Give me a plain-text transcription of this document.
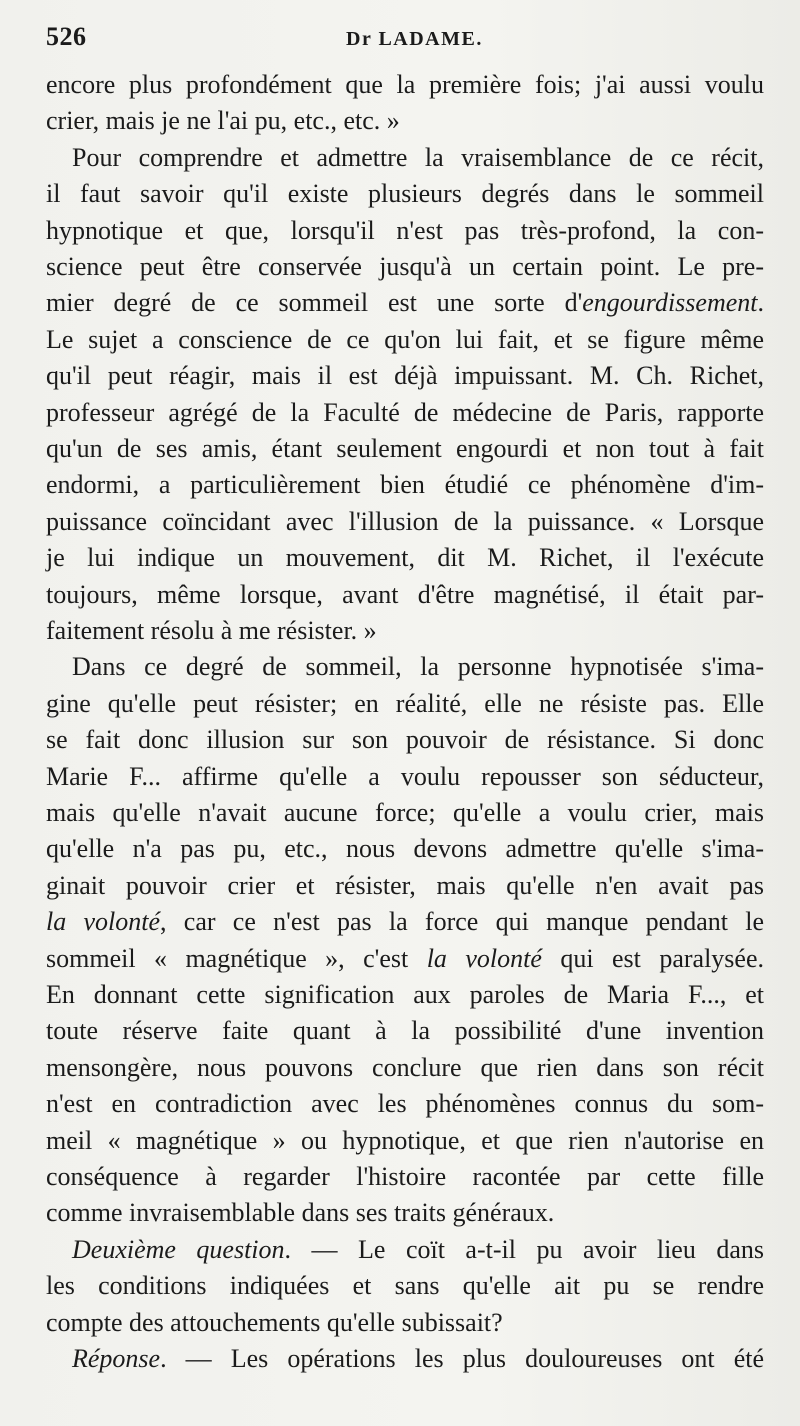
526	Dr LADAME.
encore plus profondément que la première fois; j'ai aussi voulu
crier, mais je ne l'ai pu, etc., etc. »
Pour comprendre et admettre la vraisemblance de ce récit,
il faut savoir qu'il existe plusieurs degrés dans le sommeil
hypnotique et que, lorsqu'il n'est pas très-profond, la con-
science peut être conservée jusqu'à un certain point. Le pre-
mier degré de ce sommeil est une sorte d'engourdissement.
Le sujet a conscience de ce qu'on lui fait, et se figure même
qu'il peut réagir, mais il est déjà impuissant. M. Ch. Richet,
professeur agrégé de la Faculté de médecine de Paris, rapporte
qu'un de ses amis, étant seulement engourdi et non tout à fait
endormi, a particulièrement bien étudié ce phénomène d'im-
puissance coïncidant avec l'illusion de la puissance. « Lorsque
je lui indique un mouvement, dit M. Richet, il l'exécute
toujours, même lorsque, avant d'être magnétisé, il était par-
faitement résolu à me résister. »
Dans ce degré de sommeil, la personne hypnotisée s'ima-
gine qu'elle peut résister; en réalité, elle ne résiste pas. Elle
se fait donc illusion sur son pouvoir de résistance. Si donc
Marie F... affirme qu'elle a voulu repousser son séducteur,
mais qu'elle n'avait aucune force; qu'elle a voulu crier, mais
qu'elle n'a pas pu, etc., nous devons admettre qu'elle s'ima-
ginait pouvoir crier et résister, mais qu'elle n'en avait pas
la volonté, car ce n'est pas la force qui manque pendant le
sommeil « magnétique », c'est la volonté qui est paralysée.
En donnant cette signification aux paroles de Maria F..., et
toute réserve faite quant à la possibilité d'une invention
mensongère, nous pouvons conclure que rien dans son récit
n'est en contradiction avec les phénomènes connus du som-
meil « magnétique » ou hypnotique, et que rien n'autorise en
conséquence à regarder l'histoire racontée par cette fille
comme invraisemblable dans ses traits généraux.
Deuxième question. — Le coït a-t-il pu avoir lieu dans
les conditions indiquées et sans qu'elle ait pu se rendre
compte des attouchements qu'elle subissait?
Réponse. — Les opérations les plus douloureuses ont été
